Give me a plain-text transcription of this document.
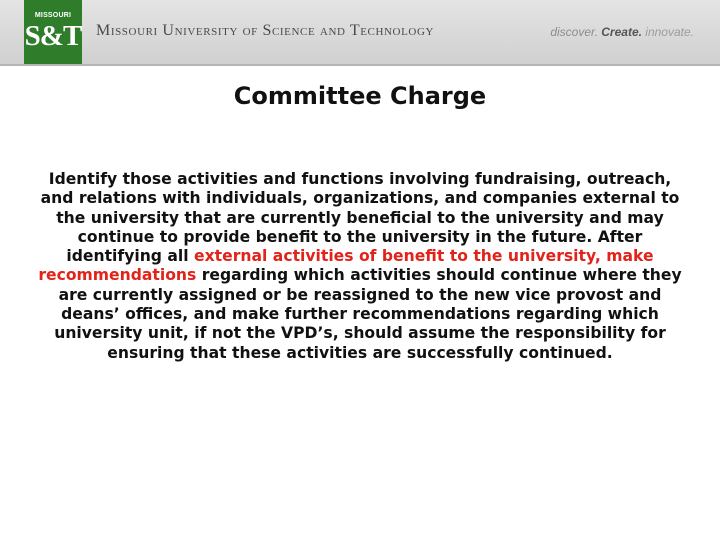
MISSOURI
S&T Missouri University of Science and Technology	discover. Create. innovate.
Committee Charge
Identify those activities and functions involving fundraising, outreach, and relations with individuals, organizations, and companies external to the university that are currently beneficial to the university and may continue to provide benefit to the university in the future. After identifying all external activities of benefit to the university, make recommendations regarding which activities should continue where they are currently assigned or be reassigned to the new vice provost and deans’ offices, and make further recommendations regarding which university unit, if not the VPD’s, should assume the responsibility for ensuring that these activities are successfully continued.
